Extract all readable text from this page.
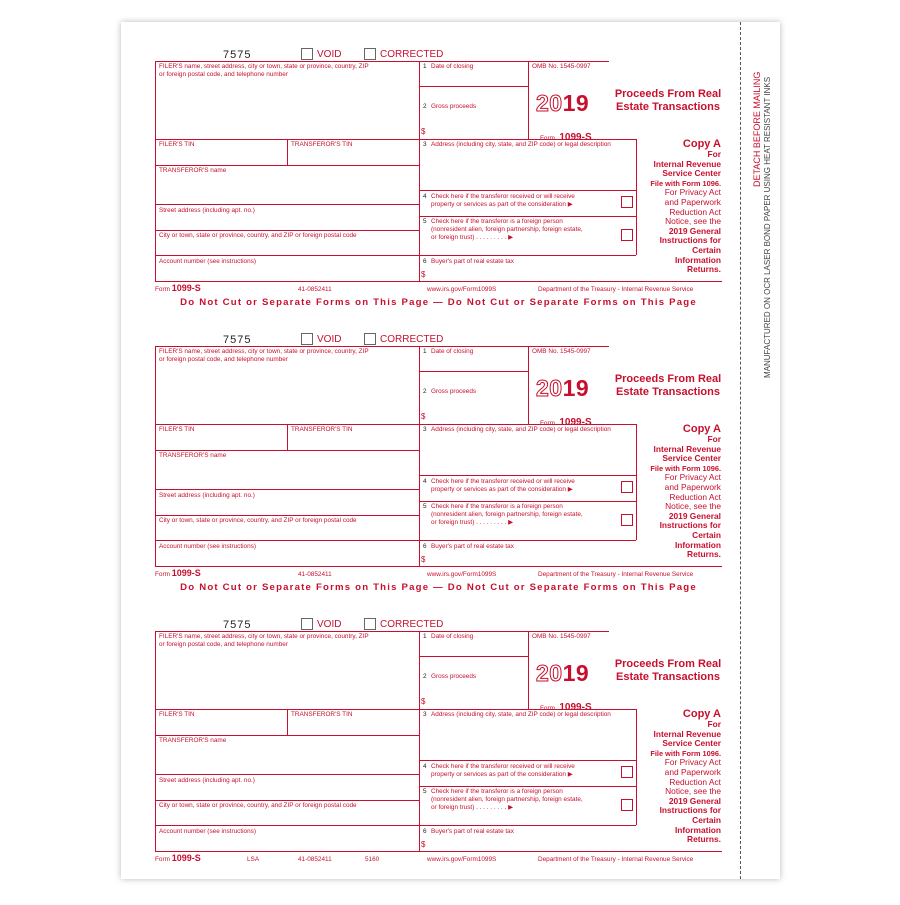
DETACH BEFORE MAILING MANUFACTURED ON OCR LASER BOND PAPER USING HEAT RESISTANT INKS
7575	VOID	CORRECTED
FILER'S name, street address, city or town, state or province, country, ZIP
or foreign postal code, and telephone number
FILER'S TIN	TRANSFEROR'S TIN
TRANSFEROR'S name
Street address (including apt. no.)
City or town, state or province, country, and ZIP or foreign postal code
Account number (see instructions)
1 Date of closing
2 Gross proceeds
$
3 Address (including city, state, and ZIP code) or legal description
4 Check here if the transferor received or will receive
property or services as part of the consideration ▶
5 Check here if the transferor is a foreign person
(nonresident alien, foreign partnership, foreign estate,
or foreign trust) . . . . . . . . . ▶
6 Buyer's part of real estate tax
$
OMB No. 1545-0997
2019
Form 1099-S
Proceeds From Real
Estate Transactions
Copy A
For
Internal Revenue
Service Center
File with Form 1096.
For Privacy Act
and Paperwork
Reduction Act
Notice, see the
2019 General
Instructions for
Certain
Information
Returns.
Form 1099-S	41-0852411	www.irs.gov/Form1099S	Department of the Treasury - Internal Revenue Service
Do Not Cut or Separate Forms on This Page — Do Not Cut or Separate Forms on This Page
7575	VOID	CORRECTED
FILER'S name, street address, city or town, state or province, country, ZIP
or foreign postal code, and telephone number
FILER'S TIN	TRANSFEROR'S TIN
TRANSFEROR'S name
Street address (including apt. no.)
City or town, state or province, country, and ZIP or foreign postal code
Account number (see instructions)
1 Date of closing
2 Gross proceeds
$
3 Address (including city, state, and ZIP code) or legal description
4 Check here if the transferor received or will receive
property or services as part of the consideration ▶
5 Check here if the transferor is a foreign person
(nonresident alien, foreign partnership, foreign estate,
or foreign trust) . . . . . . . . . ▶
6 Buyer's part of real estate tax
$
OMB No. 1545-0997
2019
Form 1099-S
Proceeds From Real
Estate Transactions
Copy A
For
Internal Revenue
Service Center
File with Form 1096.
For Privacy Act
and Paperwork
Reduction Act
Notice, see the
2019 General
Instructions for
Certain
Information
Returns.
Form 1099-S	41-0852411	www.irs.gov/Form1099S	Department of the Treasury - Internal Revenue Service
Do Not Cut or Separate Forms on This Page — Do Not Cut or Separate Forms on This Page
7575	VOID	CORRECTED
FILER'S name, street address, city or town, state or province, country, ZIP
or foreign postal code, and telephone number
FILER'S TIN	TRANSFEROR'S TIN
TRANSFEROR'S name
Street address (including apt. no.)
City or town, state or province, country, and ZIP or foreign postal code
Account number (see instructions)
1 Date of closing
2 Gross proceeds
$
3 Address (including city, state, and ZIP code) or legal description
4 Check here if the transferor received or will receive
property or services as part of the consideration ▶
5 Check here if the transferor is a foreign person
(nonresident alien, foreign partnership, foreign estate,
or foreign trust) . . . . . . . . . ▶
6 Buyer's part of real estate tax
$
OMB No. 1545-0997
2019
Form 1099-S
Proceeds From Real
Estate Transactions
Copy A
For
Internal Revenue
Service Center
File with Form 1096.
For Privacy Act
and Paperwork
Reduction Act
Notice, see the
2019 General
Instructions for
Certain
Information
Returns.
Form 1099-S	LSA	41-0852411	5160	www.irs.gov/Form1099S	Department of the Treasury - Internal Revenue Service
